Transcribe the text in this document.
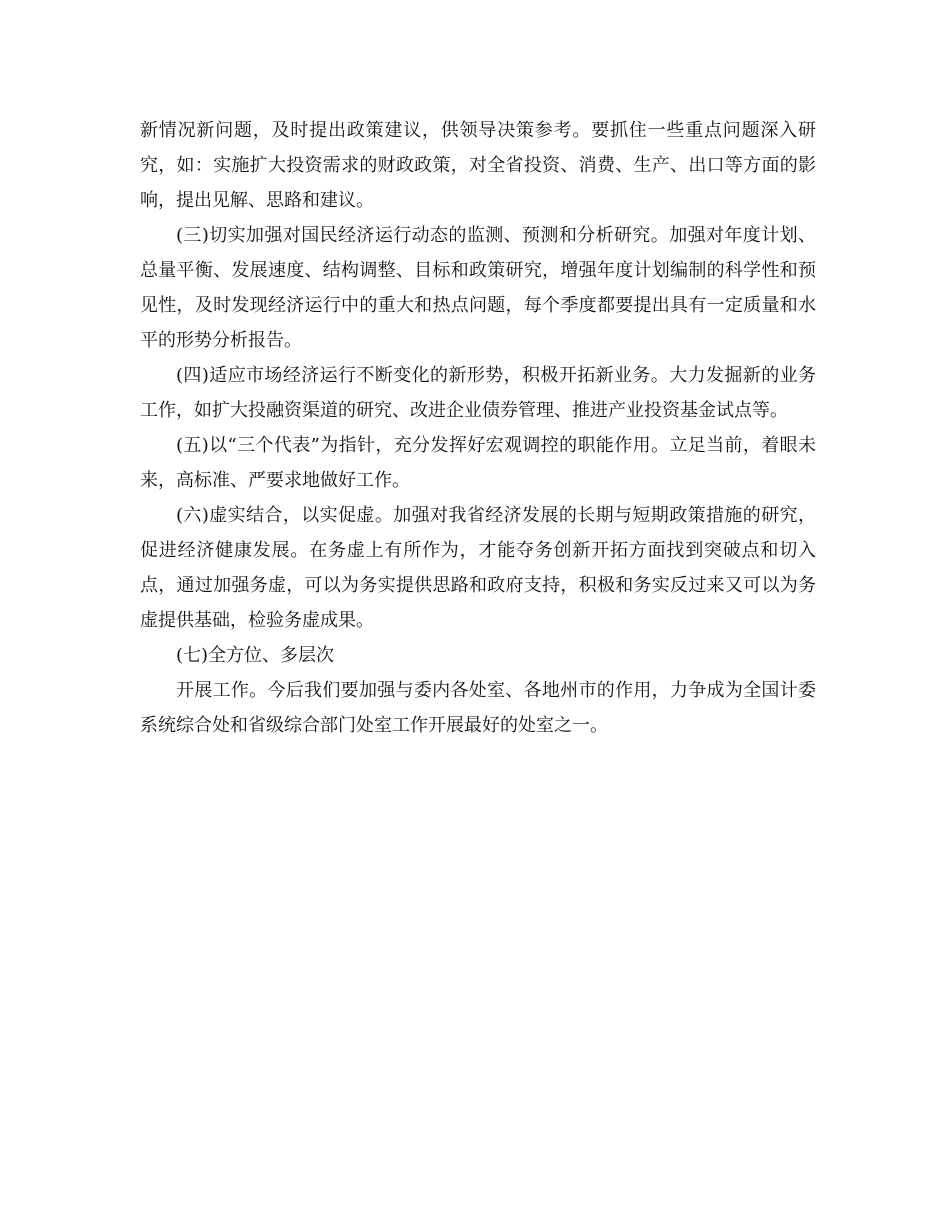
新情况新问题，及时提出政策建议，供领导决策参考。要抓住一些重点问题深入研究，如：实施扩大投资需求的财政政策，对全省投资、消费、生产、出口等方面的影响，提出见解、思路和建议。

(三)切实加强对国民经济运行动态的监测、预测和分析研究。加强对年度计划、总量平衡、发展速度、结构调整、目标和政策研究，增强年度计划编制的科学性和预见性，及时发现经济运行中的重大和热点问题，每个季度都要提出具有一定质量和水平的形势分析报告。

(四)适应市场经济运行不断变化的新形势，积极开拓新业务。大力发掘新的业务工作，如扩大投融资渠道的研究、改进企业债券管理、推进产业投资基金试点等。

(五)以“三个代表”为指针，充分发挥好宏观调控的职能作用。立足当前，着眼未来，高标准、严要求地做好工作。

(六)虚实结合，以实促虚。加强对我省经济发展的长期与短期政策措施的研究，促进经济健康发展。在务虚上有所作为，才能夺务创新开拓方面找到突破点和切入点，通过加强务虚，可以为务实提供思路和政府支持，积极和务实反过来又可以为务虚提供基础，检验务虚成果。

(七)全方位、多层次

开展工作。今后我们要加强与委内各处室、各地州市的作用，力争成为全国计委系统综合处和省级综合部门处室工作开展最好的处室之一。
